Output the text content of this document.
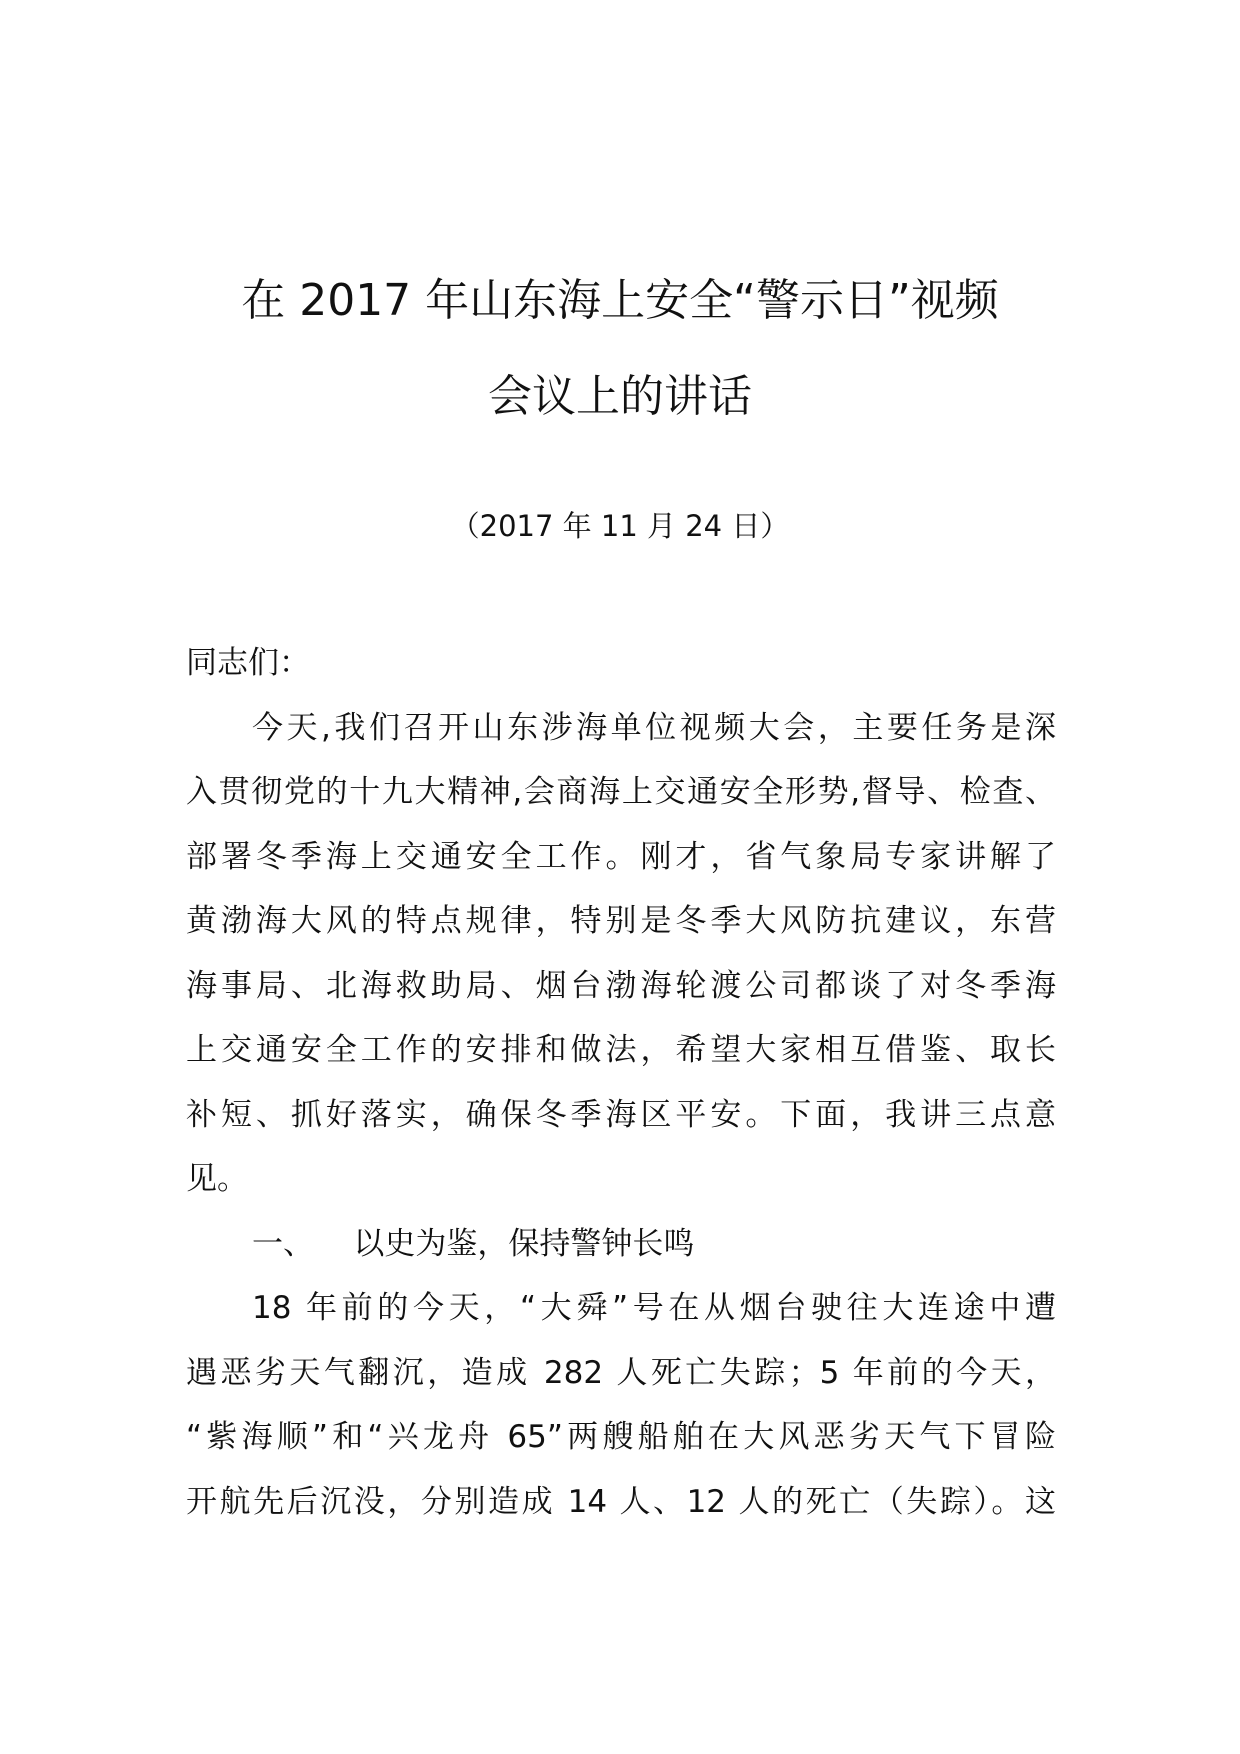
在 2017 年山东海上安全“警示日”视频
会议上的讲话
（2017 年 11 月 24 日）
同志们：
今天,我们召开山东涉海单位视频大会，主要任务是深
入贯彻党的十九大精神,会商海上交通安全形势,督导、检查、
部署冬季海上交通安全工作。刚才，省气象局专家讲解了
黄渤海大风的特点规律，特别是冬季大风防抗建议，东营
海事局、北海救助局、烟台渤海轮渡公司都谈了对冬季海
上交通安全工作的安排和做法，希望大家相互借鉴、取长
补短、抓好落实，确保冬季海区平安。下面，我讲三点意
见。
一、    以史为鉴，保持警钟长鸣
18 年前的今天，“大舜”号在从烟台驶往大连途中遭
遇恶劣天气翻沉，造成 282 人死亡失踪；5 年前的今天，
“紫海顺”和“兴龙舟 65”两艘船舶在大风恶劣天气下冒险
开航先后沉没，分别造成 14 人、12 人的死亡（失踪）。这
